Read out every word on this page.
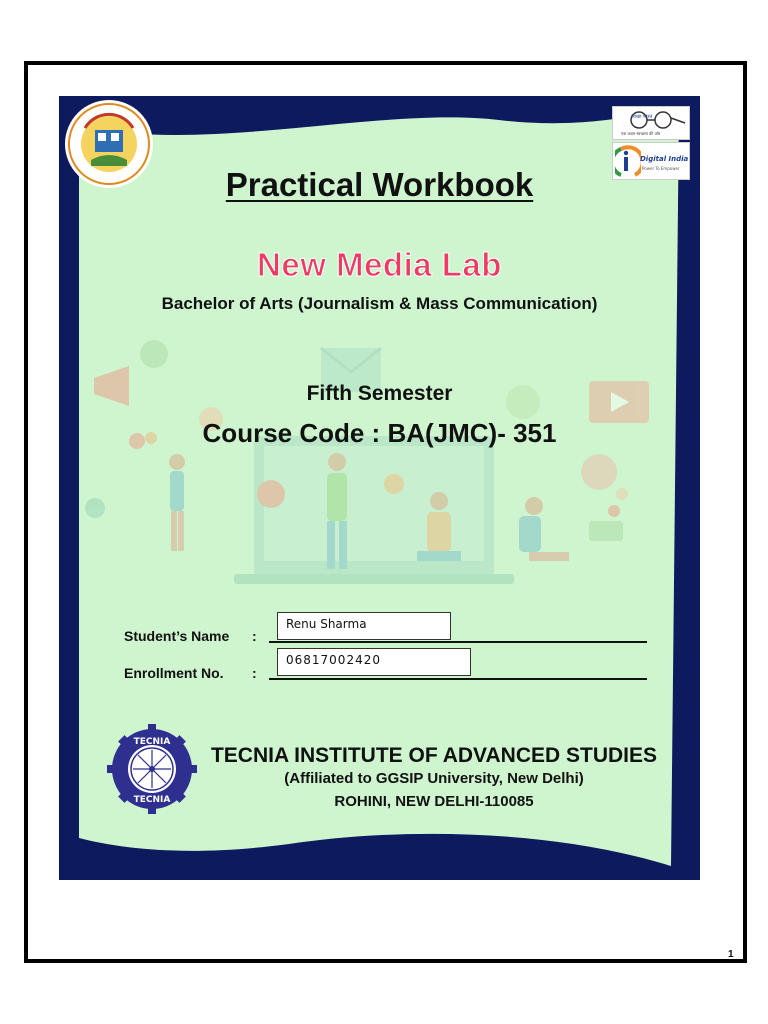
स्वच्छ भारत
एक कदम स्वच्छता की ओर
Digital India
Power To Empower
Practical Workbook
New Media Lab
Bachelor of Arts (Journalism & Mass Communication)
Fifth Semester
Course Code : BA(JMC)- 351
Student’s Name :
Renu Sharma
Enrollment No. :
06817002420
TECNIA
TECNIA
TECNIA INSTITUTE OF ADVANCED STUDIES
(Affiliated to GGSIP University, New Delhi)
ROHINI, NEW DELHI-110085
1
